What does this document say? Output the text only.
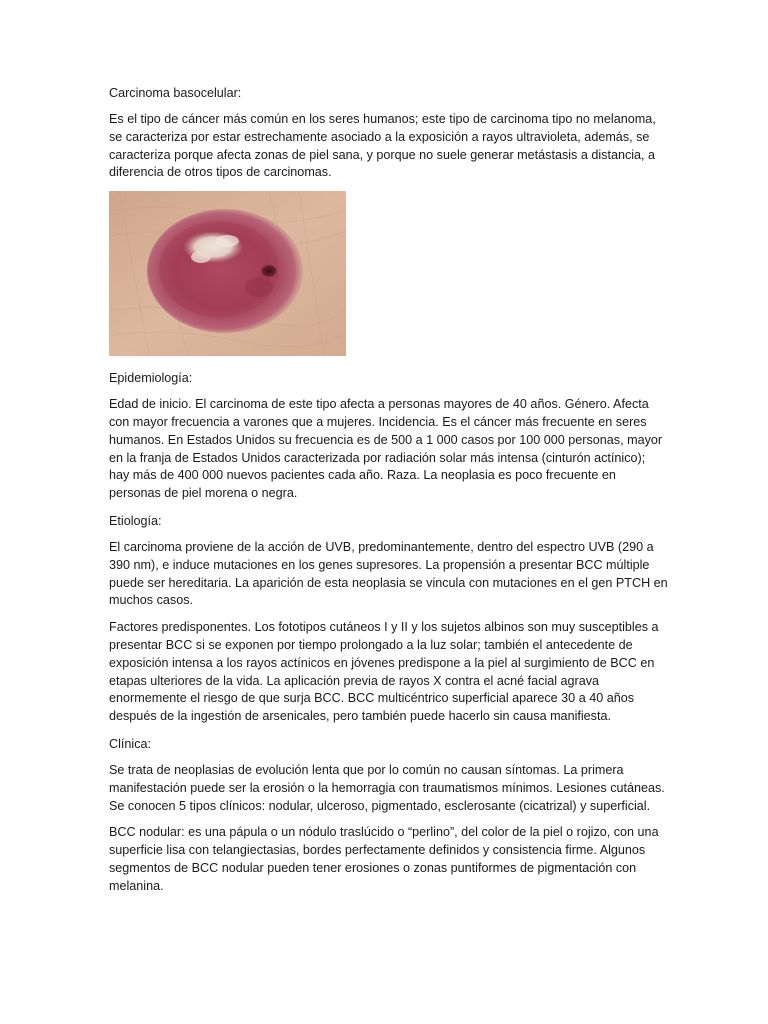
Carcinoma basocelular:
Es el tipo de cáncer más común en los seres humanos; este tipo de carcinoma tipo no melanoma, se caracteriza por estar estrechamente asociado a la exposición a rayos ultravioleta, además, se caracteriza porque afecta zonas de piel sana, y porque no suele generar metástasis a distancia, a diferencia de otros tipos de carcinomas.
Epidemiología:
Edad de inicio. El carcinoma de este tipo afecta a personas mayores de 40 años. Género. Afecta con mayor frecuencia a varones que a mujeres. Incidencia. Es el cáncer más frecuente en seres humanos. En Estados Unidos su frecuencia es de 500 a 1 000 casos por 100 000 personas, mayor en la franja de Estados Unidos caracterizada por radiación solar más intensa (cinturón actínico); hay más de 400 000 nuevos pacientes cada año. Raza. La neoplasia es poco frecuente en personas de piel morena o negra.
Etiología:
El carcinoma proviene de la acción de UVB, predominantemente, dentro del espectro UVB (290 a 390 nm), e induce mutaciones en los genes supresores. La propensión a presentar BCC múltiple puede ser hereditaria. La aparición de esta neoplasia se vincula con mutaciones en el gen PTCH en muchos casos.
Factores predisponentes. Los fototipos cutáneos I y II y los sujetos albinos son muy susceptibles a presentar BCC si se exponen por tiempo prolongado a la luz solar; también el antecedente de exposición intensa a los rayos actínicos en jóvenes predispone a la piel al surgimiento de BCC en etapas ulteriores de la vida. La aplicación previa de rayos X contra el acné facial agrava enormemente el riesgo de que surja BCC. BCC multicéntrico superficial aparece 30 a 40 años después de la ingestión de arsenicales, pero también puede hacerlo sin causa manifiesta.
Clínica:
Se trata de neoplasias de evolución lenta que por lo común no causan síntomas. La primera manifestación puede ser la erosión o la hemorragia con traumatismos mínimos. Lesiones cutáneas. Se conocen 5 tipos clínicos: nodular, ulceroso, pigmentado, esclerosante (cicatrizal) y superficial.
BCC nodular: es una pápula o un nódulo traslúcido o “perlino”, del color de la piel o rojizo, con una superficie lisa con telangiectasias, bordes perfectamente definidos y consistencia firme. Algunos segmentos de BCC nodular pueden tener erosiones o zonas puntiformes de pigmentación con melanina.
